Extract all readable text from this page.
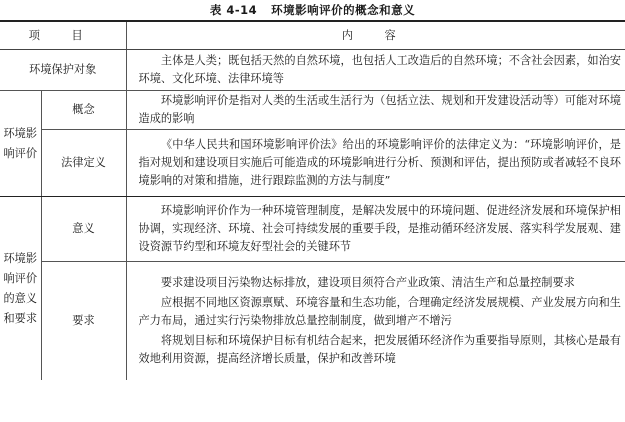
表 4-14 环境影响评价的概念和意义
项 目		内 容
环境保护对象		主体是人类；既包括天然的自然环境，也包括人工改造后的自然环境；不含社会因素，如治安环境、文化环境、法律环境等

环境影响评价	概念	环境影响评价是指对人类的生活或生活行为（包括立法、规划和开发建设活动等）可能对环境造成的影响

	法律定义	《中华人民共和国环境影响评价法》给出的环境影响评价的法律定义为：“环境影响评价，是指对规划和建设项目实施后可能造成的环境影响进行分析、预测和评估，提出预防或者减轻不良环境影响的对策和措施，进行跟踪监测的方法与制度”

环境影响评价的意义和要求	意义	环境影响评价作为一种环境管理制度，是解决发展中的环境问题、促进经济发展和环境保护相协调，实现经济、环境、社会可持续发展的重要手段，是推动循环经济发展、落实科学发展观、建设资源节约型和环境友好型社会的关键环节

	要求	要求建设项目污染物达标排放，建设项目须符合产业政策、清洁生产和总量控制要求
应根据不同地区资源禀赋、环境容量和生态功能，合理确定经济发展规模、产业发展方向和生产力布局，通过实行污染物排放总量控制制度，做到增产不增污
将规划目标和环境保护目标有机结合起来，把发展循环经济作为重要指导原则，其核心是最有效地利用资源，提高经济增长质量，保护和改善环境
